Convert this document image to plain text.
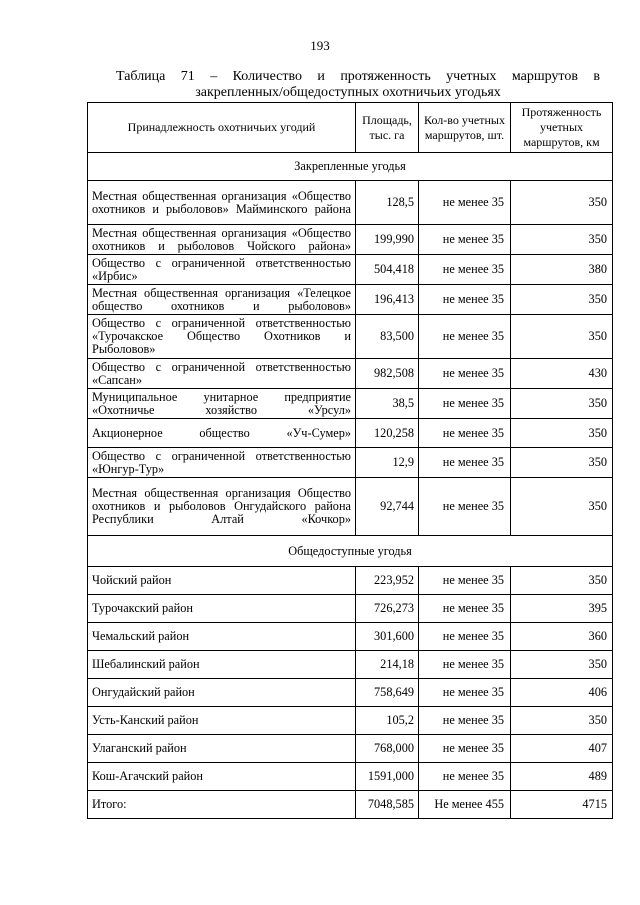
193
Таблица 71 – Количество и протяженность учетных маршрутов в
закрепленных/общедоступных охотничьих угодьях
Принадлежность охотничьих угодий	Площадь, тыс. га	Кол-во учетных маршрутов, шт.	Протяженность учетных маршрутов, км
Закрепленные угодья			
Местная общественная организация «Общество охотников и рыболовов» Майминского района	128,5	не менее 35	350
Местная общественная организация «Общество охотников и рыболовов Чойского района»	199,990	не менее 35	350
Общество с ограниченной ответственностью «Ирбис»	504,418	не менее 35	380
Местная общественная организация «Телецкое общество охотников и рыболовов»	196,413	не менее 35	350
Общество с ограниченной ответственностью «Турочакское Общество Охотников и Рыболовов»	83,500	не менее 35	350
Общество с ограниченной ответственностью «Сапсан»	982,508	не менее 35	430
Муниципальное унитарное предприятие «Охотничье хозяйство «Урсул»	38,5	не менее 35	350
Акционерное общество «Уч-Сумер»	120,258	не менее 35	350
Общество с ограниченной ответственностью «Юнгур-Тур»	12,9	не менее 35	350
Местная общественная организация Общество охотников и рыболовов Онгудайского района Республики Алтай «Кочкор»	92,744	не менее 35	350
Общедоступные угодья			
Чойский район	223,952	не менее 35	350
Турочакский район	726,273	не менее 35	395
Чемальский район	301,600	не менее 35	360
Шебалинский район	214,18	не менее 35	350
Онгудайский район	758,649	не менее 35	406
Усть-Канский район	105,2	не менее 35	350
Улаганский район	768,000	не менее 35	407
Кош-Агачский район	1591,000	не менее 35	489
Итого:	7048,585	Не менее 455	4715
